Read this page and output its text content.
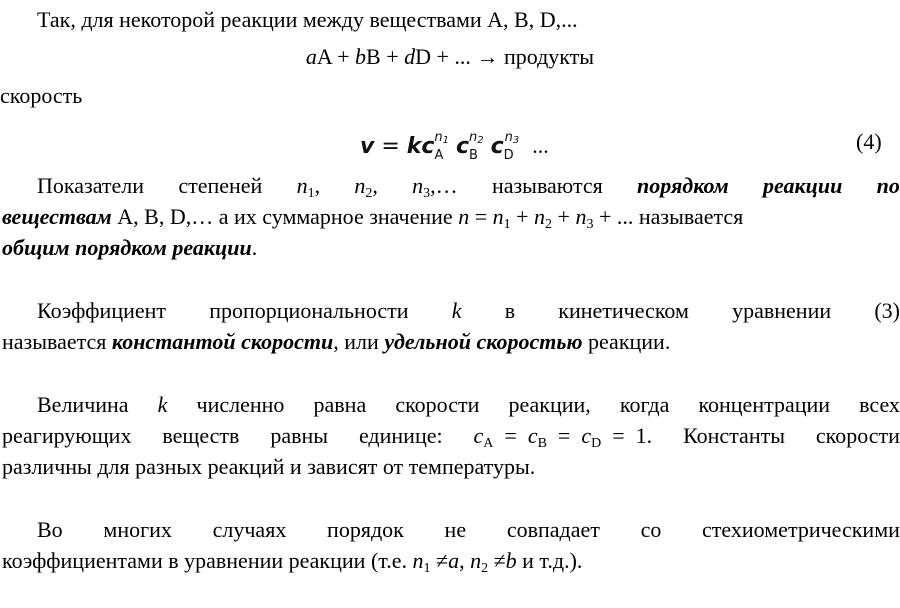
Так, для некоторой реакции между веществами A, B, D,...
aA + bB + dD + ... → продукты
скорость
$v = kc_A^{n_1}$ $c_B^{n_2}$ $c_D^{n_3}$ ...	(4)
Показатели степеней $n_1$, $n_2$, $n_3,\dots$ называются порядком реакции по
веществам A, B, D,… а их суммарное значение $n = n_1 + n_2 + n_3$ + ... называется
общим порядком реакции.
Коэффициент пропорциональности k в кинетическом уравнении (3)
называется константой скорости, или удельной скоростью реакции.
Величина k численно равна скорости реакции, когда концентрации всех
реагирующих веществ равны единице: $c_A = c_B = c_D = 1$. Константы скорости
различны для разных реакций и зависят от температуры.
Во многих случаях порядок не совпадает со стехиометрическими
коэффициентами в уравнении реакции (т.е. $n_1 \ne a$, $n_2 \ne b$ и т.д.).
